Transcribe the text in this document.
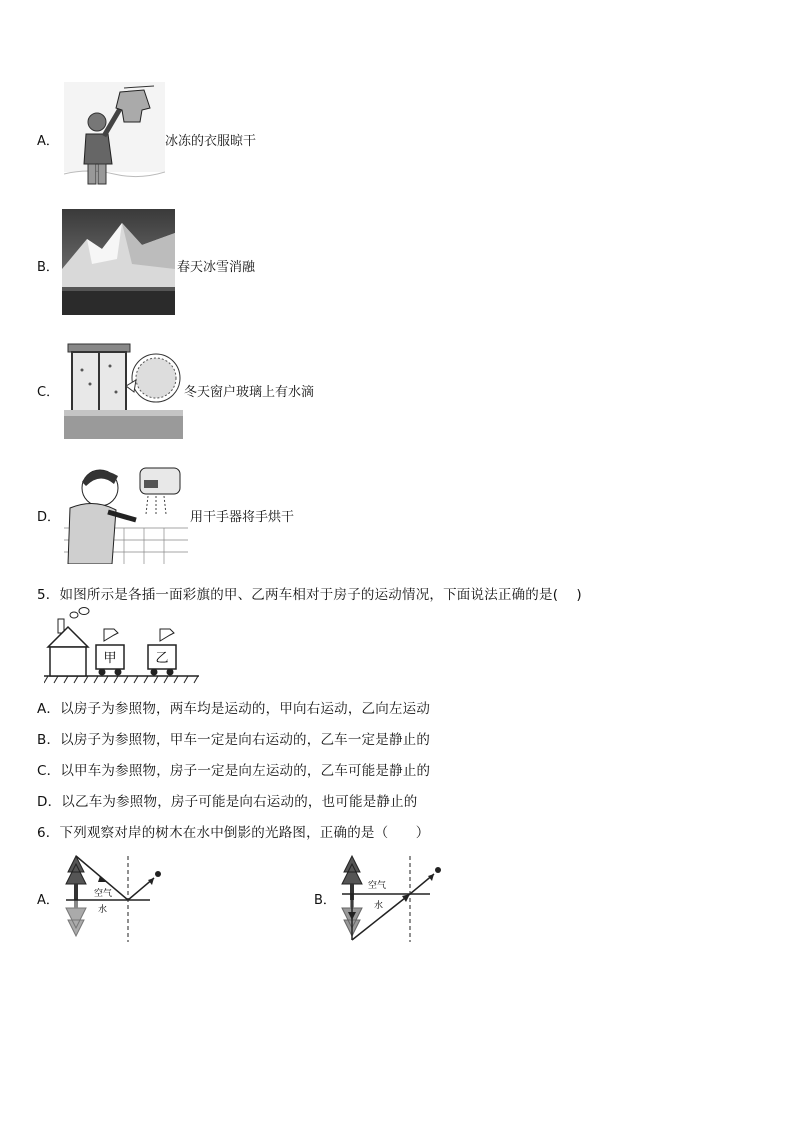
A．	冰冻的衣服晾干
B．	春天冰雪消融
C．	冬天窗户玻璃上有水滴
D．	用干手器将手烘干
5．如图所示是各插一面彩旗的甲、乙两车相对于房子的运动情况，下面说法正确的是(　 )
甲	乙
A．以房子为参照物，两车均是运动的，甲向右运动，乙向左运动
B．以房子为参照物，甲车一定是向右运动的，乙车一定是静止的
C．以甲车为参照物，房子一定是向左运动的，乙车可能是静止的
D．以乙车为参照物，房子可能是向右运动的，也可能是静止的
6．下列观察对岸的树木在水中倒影的光路图，正确的是（　　）
A．	空气
水
B．
空气
水
